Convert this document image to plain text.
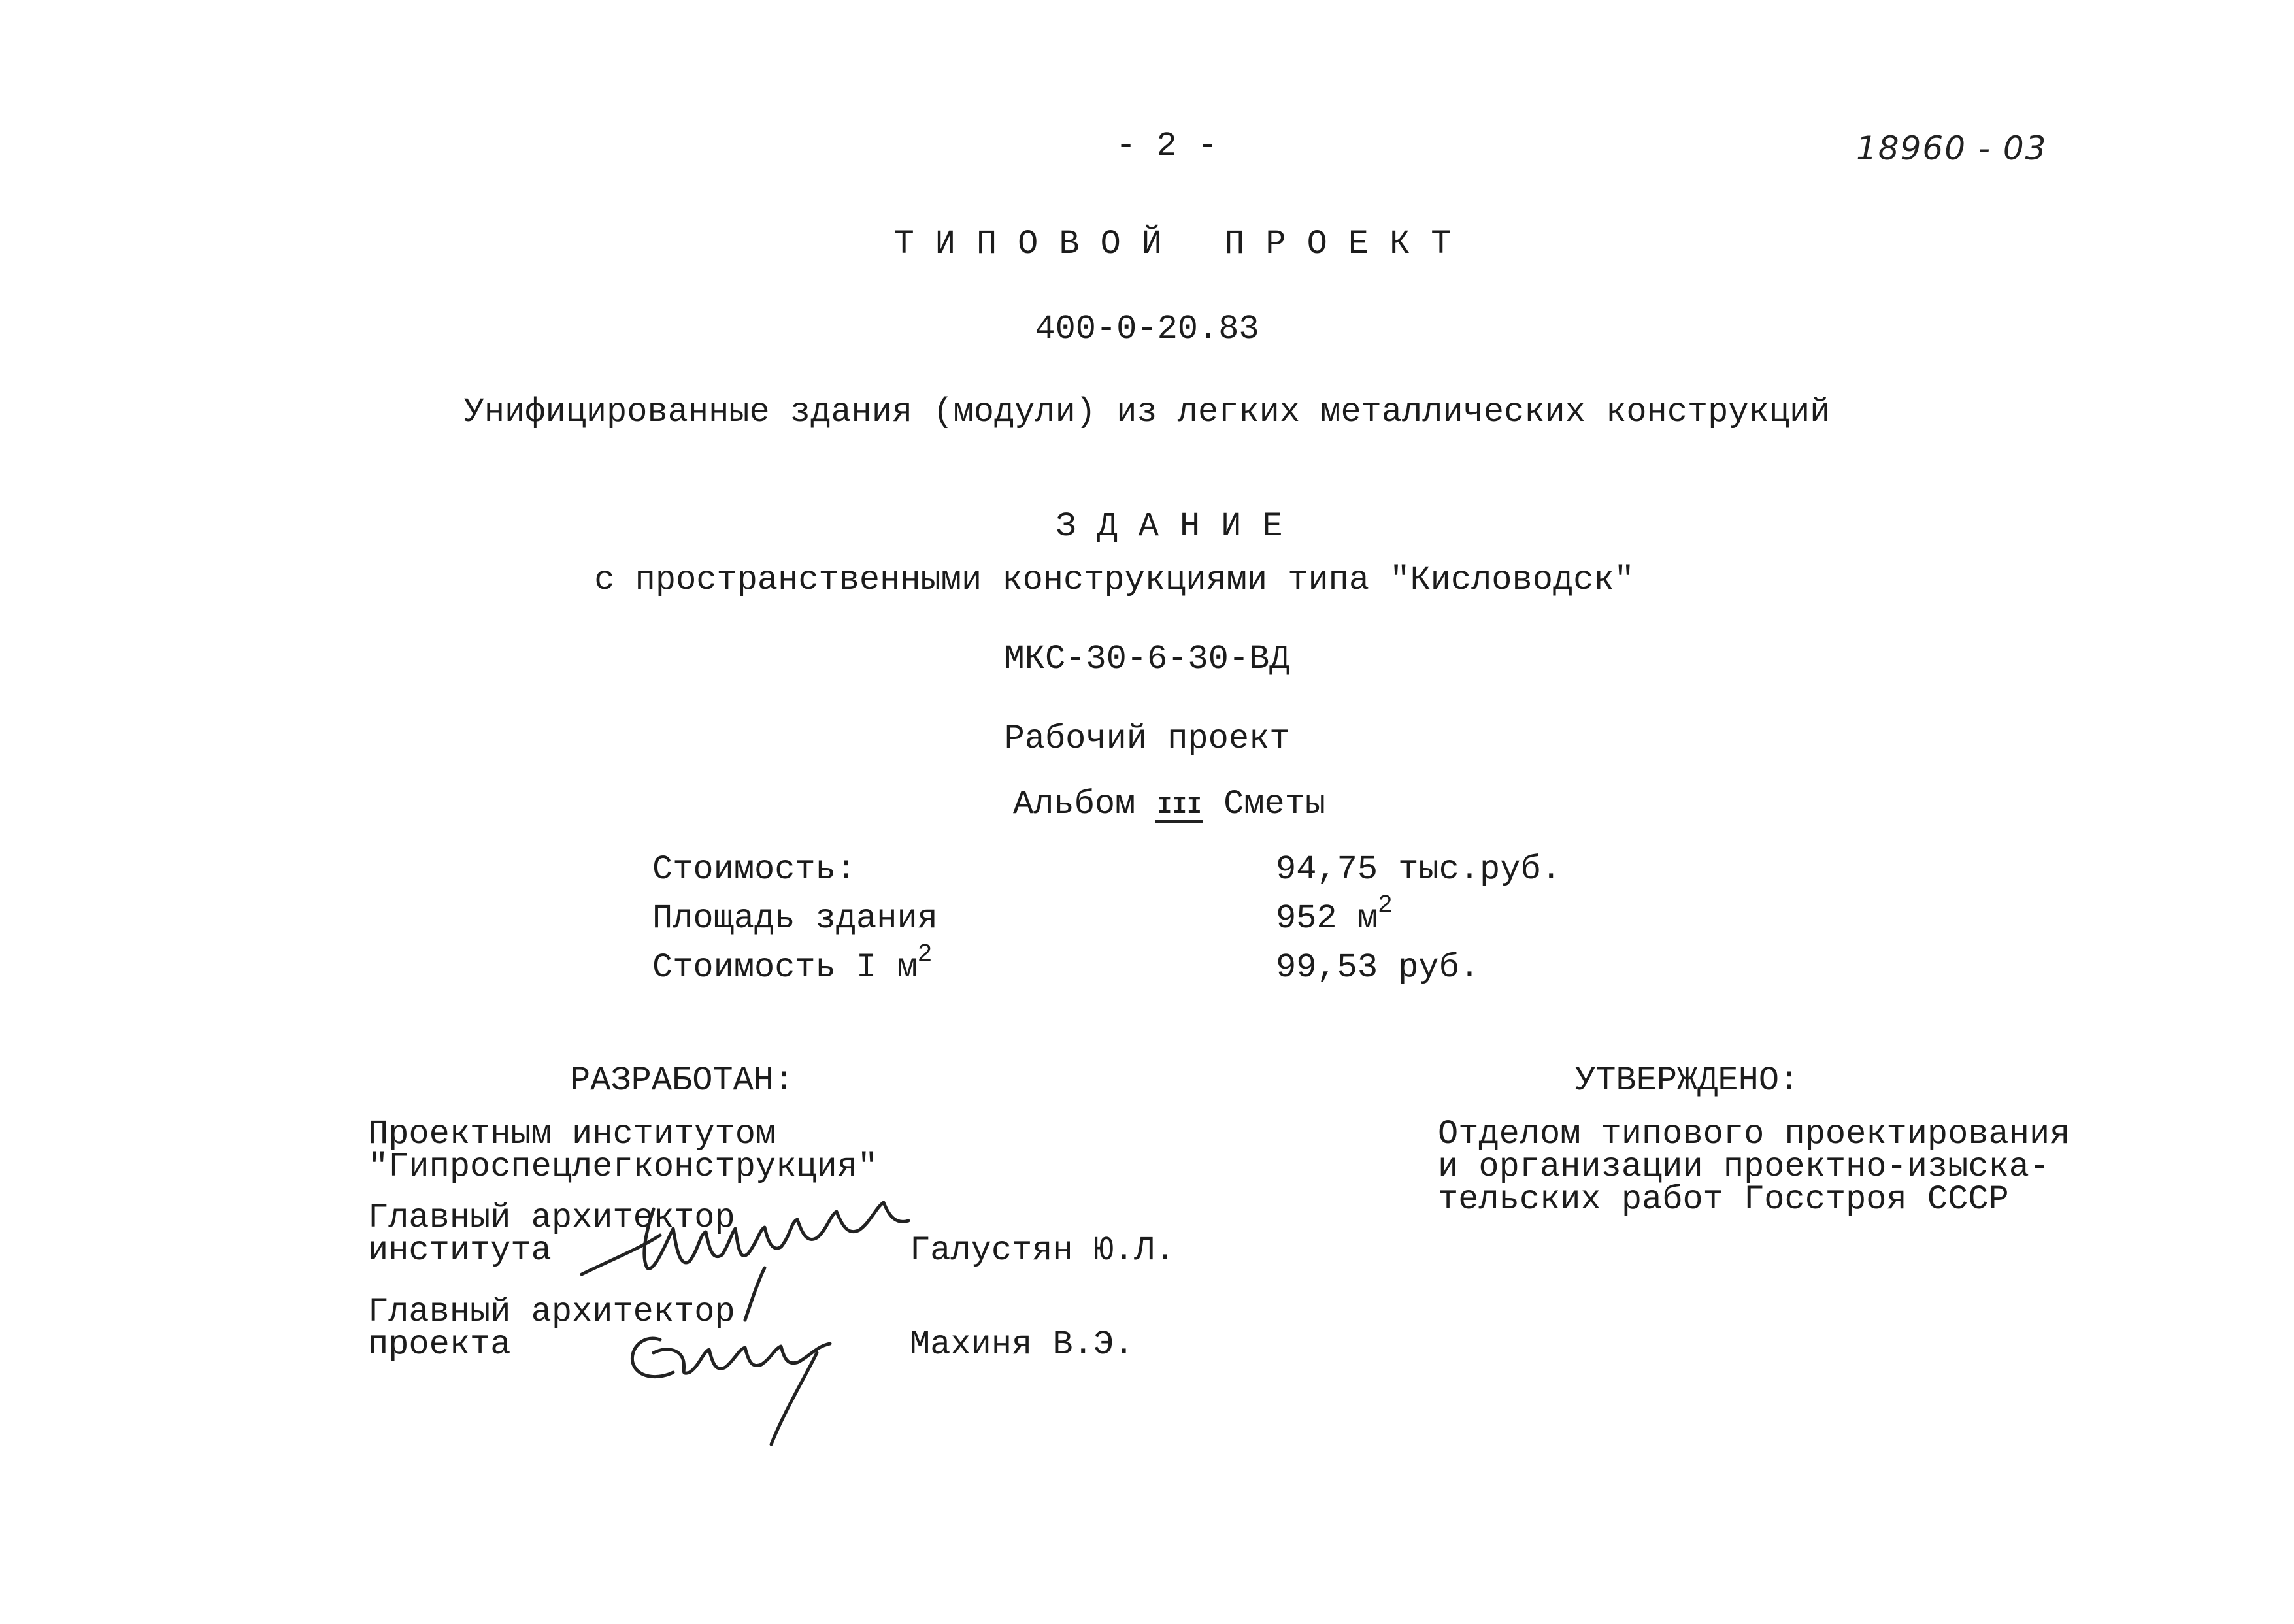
- 2 -	18960 - 03
ТИПОВОЙ ПРОЕКТ
400-0-20.83
Унифицированные здания (модули) из легких металлических конструкций
ЗДАНИЕ
с пространственными конструкциями типа "Кисловодск"
МКС-30-6-30-ВД
Рабочий проект
Альбом III Сметы
Стоимость:	94,75 тыс.руб.
Площадь здания	952 $м^2$
Стоимость I $м^2$	99,53 руб.
РАЗРАБОТАН:
Проектным институтом
"Гипроспецлегконструкция"
Главный архитектор
института	Галустян Ю.Л.
Главный архитектор
проекта	Махиня В.Э.
УТВЕРЖДЕНО:
Отделом типового проектирования
и организации проектно-изыска-
тельских работ Госстроя СССР
